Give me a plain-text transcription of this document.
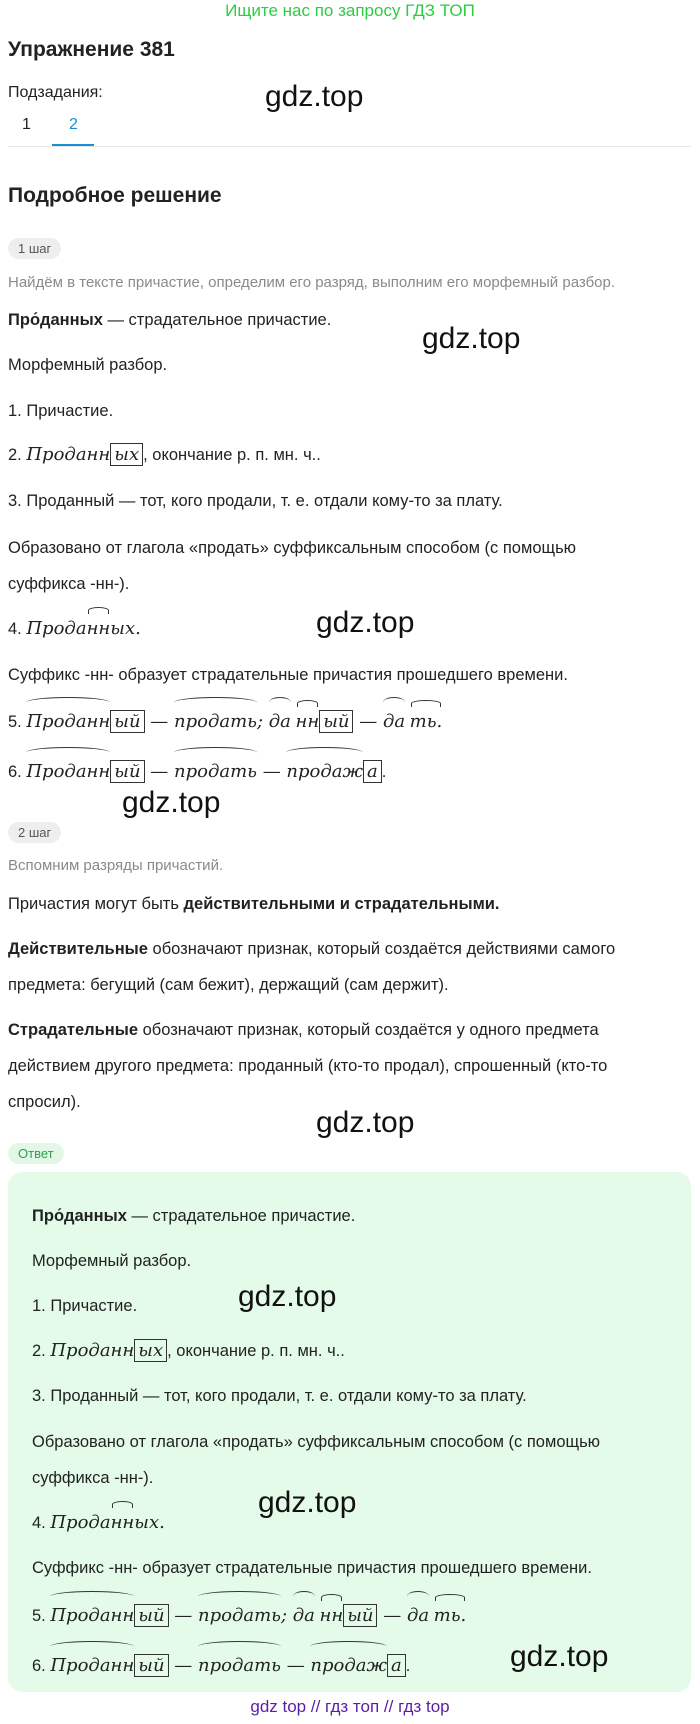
Ищите нас по запросу ГДЗ ТОП
Упражнение 381
Подзадания:
1 2
gdz.top
Подробное решение
1 шаг
Найдём в тексте причастие, определим его разряд, выполним его морфемный разбор.
Про́данных — страдательное причастие.
gdz.top
Морфемный разбор.
1. Причастие.
2. Проданн ых , окончание р. п. мн. ч..
3. Проданный — тот, кого продали, т. е. отдали кому-то за плату.
Образовано от глагола «продать» суффиксальным способом (с помощью
суффикса -нн-).
4. Проданных.	gdz.top
Суффикс -нн- образует страдательные причастия прошедшего времени.
5. Проданн ый — продать; да нн ый — да ть.
6. Проданн ый — продать — продаж а .
gdz.top
2 шаг
Вспомним разряды причастий.
Причастия могут быть действительными и страдательными.
Действительные обозначают признак, который создаётся действиями самого
предмета: бегущий (сам бежит), держащий (сам держит).
Страдательные обозначают признак, который создаётся у одного предмета
действием другого предмета: проданный (кто-то продал), спрошенный (кто-то
спросил).
gdz.top
Ответ
Про́данных — страдательное причастие.
Морфемный разбор.
gdz.top
1. Причастие.
2. Проданн ых , окончание р. п. мн. ч..
3. Проданный — тот, кого продали, т. е. отдали кому-то за плату.
Образовано от глагола «продать» суффиксальным способом (с помощью
суффикса -нн-).
gdz.top
4. Проданных.
Суффикс -нн- образует страдательные причастия прошедшего времени.
5. Проданн ый — продать; да нн ый — да ть.
6. Проданн ый — продать — продаж а .	gdz.top
gdz top // гдз топ // гдз top
